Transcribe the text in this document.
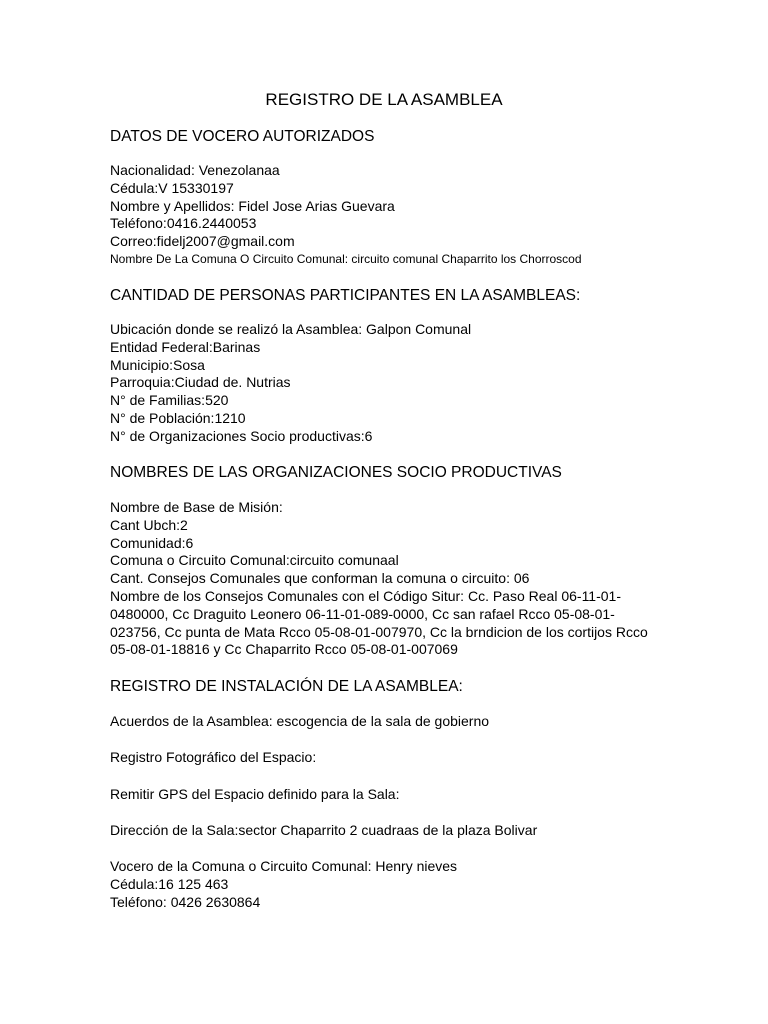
REGISTRO DE LA ASAMBLEA
DATOS DE VOCERO AUTORIZADOS
Nacionalidad: Venezolanaa
Cédula:V 15330197
Nombre y Apellidos: Fidel Jose Arias Guevara
Teléfono:0416.2440053
Correo:fidelj2007@gmail.com
Nombre De La Comuna O Circuito Comunal: circuito comunal Chaparrito los Chorroscod
CANTIDAD DE PERSONAS PARTICIPANTES EN LA ASAMBLEAS:
Ubicación donde se realizó la Asamblea: Galpon Comunal
Entidad Federal:Barinas
Municipio:Sosa
Parroquia:Ciudad de. Nutrias
N° de Familias:520
N° de Población:1210
N° de Organizaciones Socio productivas:6
NOMBRES DE LAS ORGANIZACIONES SOCIO PRODUCTIVAS
Nombre de Base de Misión:
Cant Ubch:2
Comunidad:6
Comuna o Circuito Comunal:circuito comunaal
Cant. Consejos Comunales que conforman la comuna o circuito: 06
Nombre de los Consejos Comunales con el Código Situr: Cc. Paso Real 06-11-01-
0480000, Cc Draguito Leonero 06-11-01-089-0000, Cc san rafael Rcco 05-08-01-
023756, Cc punta de Mata Rcco 05-08-01-007970, Cc la brndicion de los cortijos Rcco
05-08-01-18816 y Cc Chaparrito Rcco 05-08-01-007069
REGISTRO DE INSTALACIÓN DE LA ASAMBLEA:
Acuerdos de la Asamblea: escogencia de la sala de gobierno
Registro Fotográfico del Espacio:
Remitir GPS del Espacio definido para la Sala:
Dirección de la Sala:sector Chaparrito 2 cuadraas de la plaza Bolivar
Vocero de la Comuna o Circuito Comunal: Henry nieves
Cédula:16 125 463
Teléfono: 0426 2630864
